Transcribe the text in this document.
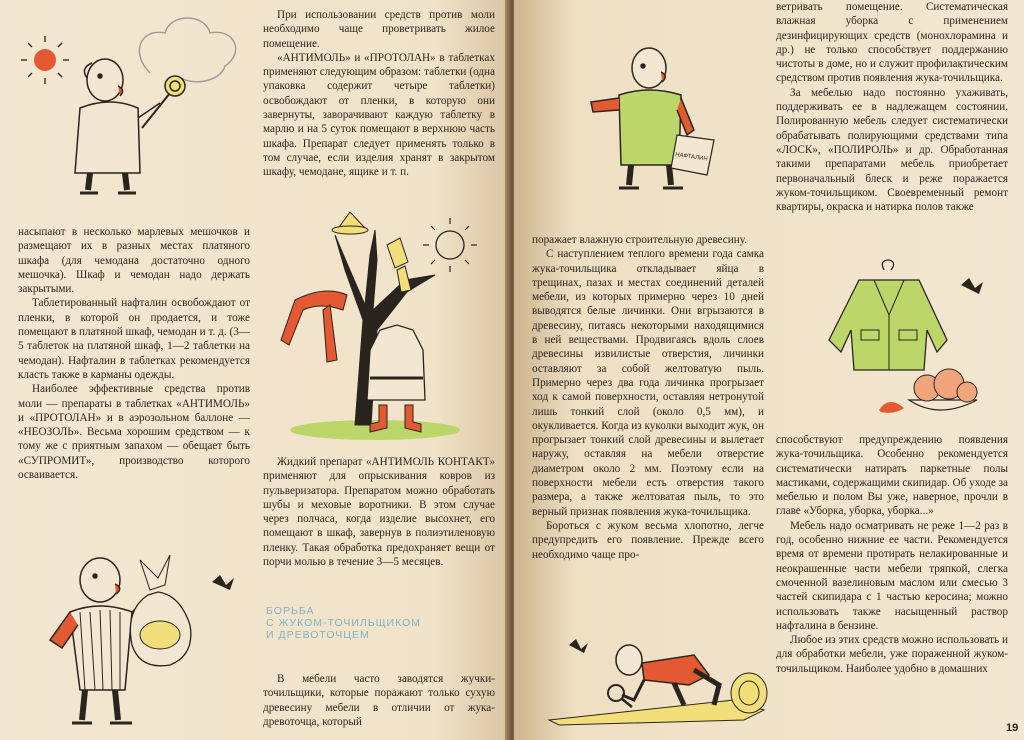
насыпают в несколько марлевых мешочков и размещают их в разных местах платяного шкафа (для чемодана достаточно одного мешочка). Шкаф и чемодан надо держать закрытыми.

Таблетированный нафталин освобождают от пленки, в которой он продается, и тоже помещают в платяной шкаф, чемодан и т. д. (3—5 таблеток на платяной шкаф, 1—2 таблетки на чемодан). Нафталин в таблетках рекомендуется класть также в карманы одежды.

Наиболее эффективные средства против моли — препараты в таблетках «АНТИМОЛЬ» и «ПРОТОЛАН» и в аэрозольном баллоне — «НЕОЗОЛЬ». Весьма хорошим средством — к тому же с приятным запахом — обещает быть «СУПРОМИТ», производство которого осваивается.

При использовании средств против моли необходимо чаще проветривать жилое помещение.

«АНТИМОЛЬ» и «ПРОТОЛАН» в таблетках применяют следующим образом: таблетки (одна упаковка содержит четыре таблетки) освобождают от пленки, в которую они завернуты, заворачивают каждую таблетку в марлю и на 5 суток помещают в верхнюю часть шкафа. Препарат следует применять только в том случае, если изделия хранят в закрытом шкафу, чемодане, ящике и т. п.

Жидкий препарат «АНТИМОЛЬ КОНТАКТ» применяют для опрыскивания ковров из пульверизатора. Препаратом можно обработать шубы и меховые воротники. В этом случае через полчаса, когда изделие высохнет, его помещают в шкаф, завернув в полиэтиленовую пленку. Такая обработка предохраняет вещи от порчи молью в течение 3—5 месяцев.

БОРЬБА
С ЖУКОМ-ТОЧИЛЬЩИКОМ
И ДРЕВОТОЧЦЕМ

В мебели часто заводятся жучки-точильщики, которые поражают только сухую древесину мебели в отличии от жука-древоточца, который

НАФТАЛИН

поражает влажную строительную древесину.

С наступлением теплого времени года самка жука-точильщика откладывает яйца в трещинах, пазах и местах соединений деталей мебели, из которых примерно через 10 дней выводятся белые личинки. Они вгрызаются в древесину, питаясь некоторыми находящимися в ней веществами. Продвигаясь вдоль слоев древесины извилистые отверстия, личинки оставляют за собой желтоватую пыль. Примерно через два года личинка прогрызает ход к самой поверхности, оставляя нетронутой лишь тонкий слой (около 0,5 мм), и окукливается. Когда из куколки выходит жук, он прогрызает тонкий слой древесины и вылетает наружу, оставляя на мебели отверстие диаметром около 2 мм. Поэтому если на поверхности мебели есть отверстия такого размера, а также желтоватая пыль, то это верный признак появления жука-точильщика.

Бороться с жуком весьма хлопотно, легче предупредить его появление. Прежде всего необходимо чаще про-

ветривать помещение. Систематическая влажная уборка с применением дезинфицирующих средств (монохлорамина и др.) не только способствует поддержанию чистоты в доме, но и служит профилактическим средством против появления жука-точильщика.

За мебелью надо постоянно ухаживать, поддерживать ее в надлежащем состоянии. Полированную мебель следует систематически обрабатывать полирующими средствами типа «ЛОСК», «ПОЛИРОЛЬ» и др. Обработанная такими препаратами мебель приобретает первоначальный блеск и реже поражается жуком-точильщиком. Своевременный ремонт квартиры, окраска и натирка полов также

способствуют предупреждению появления жука-точильщика. Особенно рекомендуется систематически натирать паркетные полы мастиками, содержащими скипидар. Об уходе за мебелью и полом Вы уже, наверное, прочли в главе «Уборка, уборка, уборка...»

Мебель надо осматривать не реже 1—2 раз в год, особенно нижние ее части. Рекомендуется время от времени протирать нелакированные и неокрашенные части мебели тряпкой, слегка смоченной вазелиновым маслом или смесью 3 частей скипидара с 1 частью керосина; можно использовать также насыщенный раствор нафталина в бензине.

Любое из этих средств можно использовать и для обработки мебели, уже пораженной жуком-точильщиком. Наиболее удобно в домашних

19
